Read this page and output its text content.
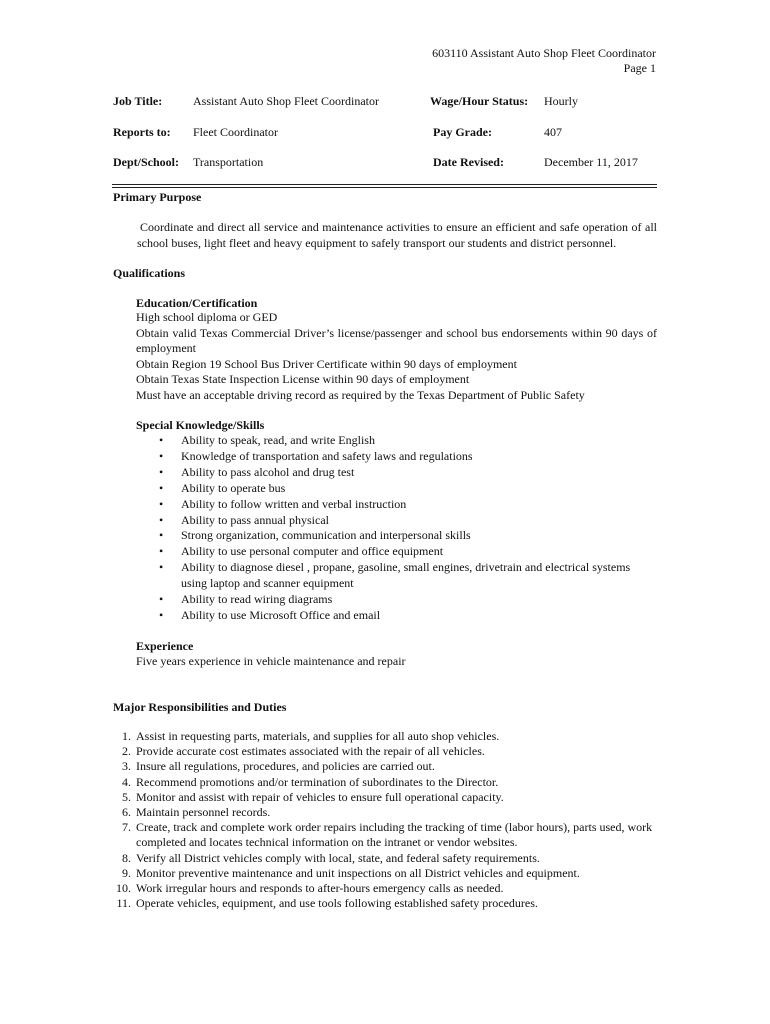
603110 Assistant Auto Shop Fleet Coordinator
Page 1
Job Title:	Assistant Auto Shop Fleet Coordinator	Wage/Hour Status: Hourly
Reports to: Fleet Coordinator	Pay Grade:	407
Dept/School: Transportation	Date Revised:	December 11, 2017
Primary Purpose
Coordinate and direct all service and maintenance activities to ensure an efficient and safe operation of all school buses, light fleet and heavy equipment to safely transport our students and district personnel.
Qualifications
Education/Certification
High school diploma or GED
Obtain valid Texas Commercial Driver’s license/passenger and school bus endorsements within 90 days of employment
Obtain Region 19 School Bus Driver Certificate within 90 days of employment
Obtain Texas State Inspection License within 90 days of employment
Must have an acceptable driving record as required by the Texas Department of Public Safety
Special Knowledge/Skills
• Ability to speak, read, and write English
• Knowledge of transportation and safety laws and regulations
• Ability to pass alcohol and drug test
• Ability to operate bus
• Ability to follow written and verbal instruction
• Ability to pass annual physical
• Strong organization, communication and interpersonal skills
• Ability to use personal computer and office equipment
• Ability to diagnose diesel , propane, gasoline, small engines, drivetrain and electrical systems using laptop and scanner equipment
• Ability to read wiring diagrams
• Ability to use Microsoft Office and email
Experience
Five years experience in vehicle maintenance and repair
Major Responsibilities and Duties
1. Assist in requesting parts, materials, and supplies for all auto shop vehicles.
2. Provide accurate cost estimates associated with the repair of all vehicles.
3. Insure all regulations, procedures, and policies are carried out.
4. Recommend promotions and/or termination of subordinates to the Director.
5. Monitor and assist with repair of vehicles to ensure full operational capacity.
6. Maintain personnel records.
7. Create, track and complete work order repairs including the tracking of time (labor hours), parts used, work completed and locates technical information on the intranet or vendor websites.
8. Verify all District vehicles comply with local, state, and federal safety requirements.
9. Monitor preventive maintenance and unit inspections on all District vehicles and equipment.
10. Work irregular hours and responds to after-hours emergency calls as needed.
11. Operate vehicles, equipment, and use tools following established safety procedures.
